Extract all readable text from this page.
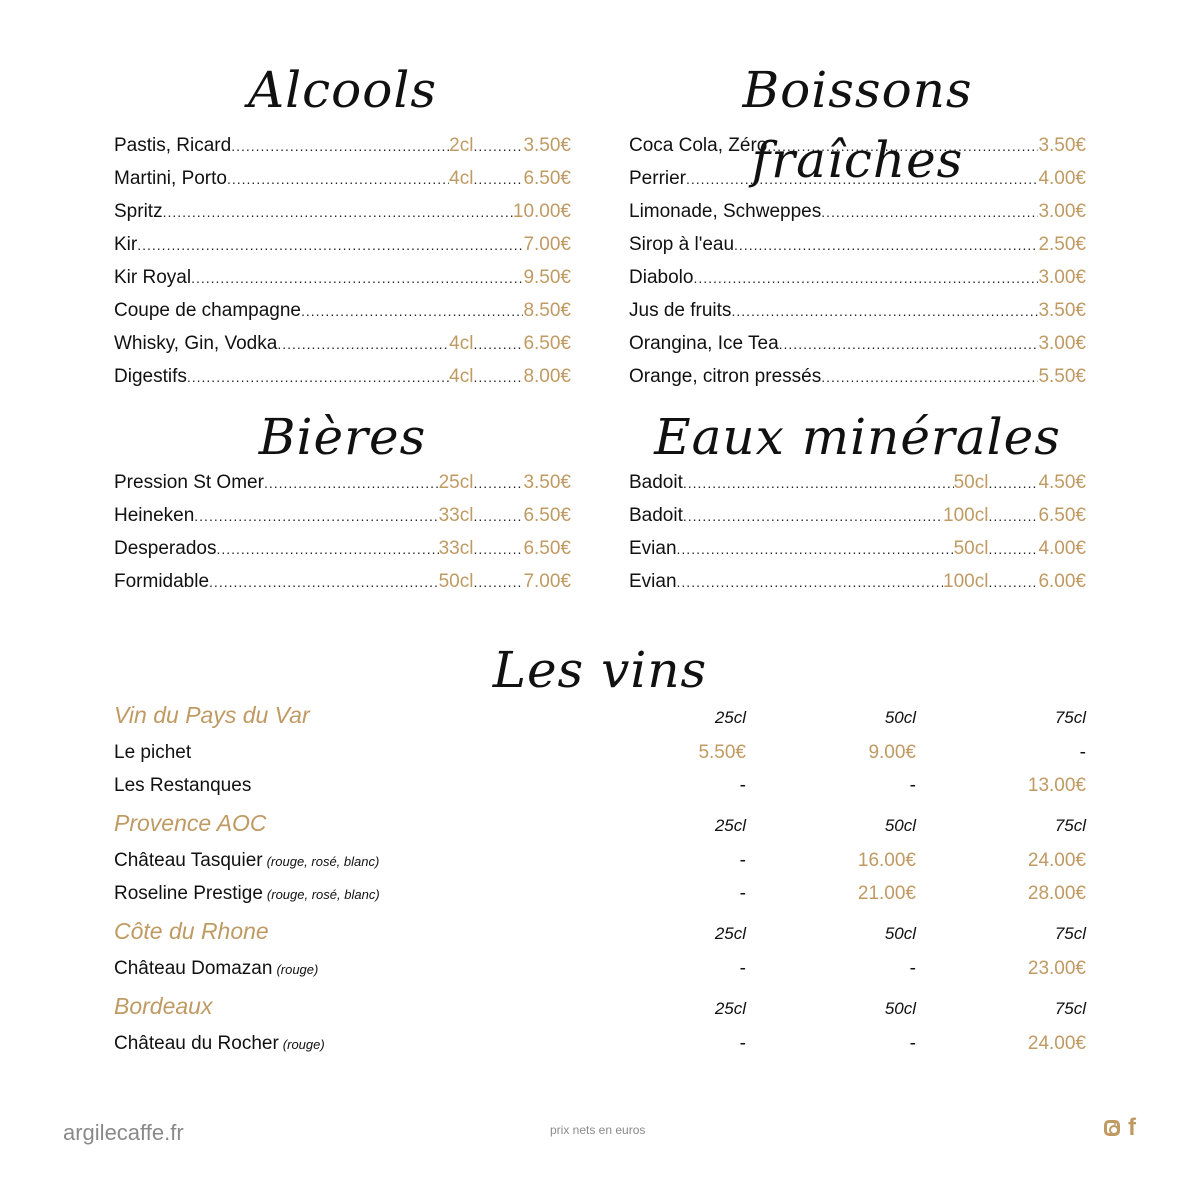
Alcools
Pastis, Ricard .....	2cl .....	3.50€
Martini, Porto .....	4cl .....	6.50€
Spritz .....	10.00€
Kir .....	7.00€
Kir Royal .....	9.50€
Coupe de champagne .....	8.50€
Whisky, Gin, Vodka .....	4cl .....	6.50€
Digestifs .....	4cl .....	8.00€
Boissons fraîches
Coca Cola, Zéro .....	3.50€
Perrier .....	4.00€
Limonade, Schweppes .....	3.00€
Sirop à l'eau .....	2.50€
Diabolo .....	3.00€
Jus de fruits .....	3.50€
Orangina, Ice Tea .....	3.00€
Orange, citron pressés .....	5.50€
Bières
Pression St Omer .....	25cl .....	3.50€
Heineken .....	33cl .....	6.50€
Desperados .....	33cl .....	6.50€
Formidable .....	50cl .....	7.00€
Eaux minérales
Badoit .....	50cl .....	4.50€
Badoit .....	100cl .....	6.50€
Evian .....	50cl .....	4.00€
Evian .....	100cl .....	6.00€
Les vins
Vin du Pays du Var	25cl	50cl	75cl
Le pichet	5.50€	9.00€	-
Les Restanques	-	-	13.00€
Provence AOC	25cl	50cl	75cl
Château Tasquier (rouge, rosé, blanc)	-	16.00€	24.00€
Roseline Prestige (rouge, rosé, blanc)	-	21.00€	28.00€
Côte du Rhone	25cl	50cl	75cl
Château Domazan (rouge)	-	-	23.00€
Bordeaux	25cl	50cl	75cl
Château du Rocher (rouge)	-	-	24.00€
argilecaffe.fr	prix nets en euros	f
